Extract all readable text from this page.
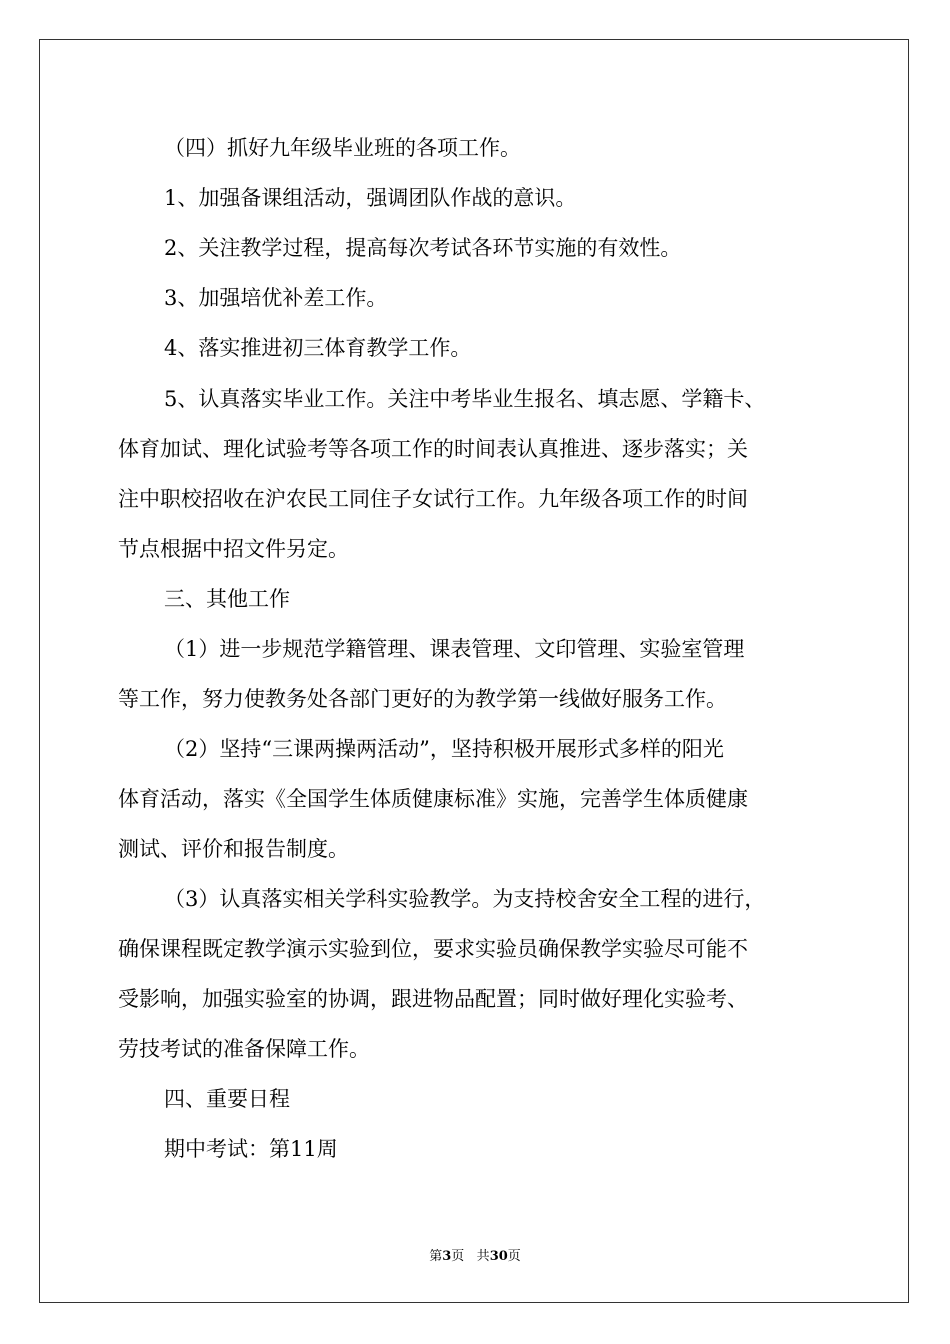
（四）抓好九年级毕业班的各项工作。

1、加强备课组活动，强调团队作战的意识。

2、关注教学过程，提高每次考试各环节实施的有效性。

3、加强培优补差工作。

4、落实推进初三体育教学工作。

5、认真落实毕业工作。关注中考毕业生报名、填志愿、学籍卡、

体育加试、理化试验考等各项工作的时间表认真推进、逐步落实；关

注中职校招收在沪农民工同住子女试行工作。九年级各项工作的时间

节点根据中招文件另定。

三、其他工作

（1）进一步规范学籍管理、课表管理、文印管理、实验室管理

等工作，努力使教务处各部门更好的为教学第一线做好服务工作。

（2）坚持“三课两操两活动”，坚持积极开展形式多样的阳光

体育活动，落实《全国学生体质健康标准》实施，完善学生体质健康

测试、评价和报告制度。

（3）认真落实相关学科实验教学。为支持校舍安全工程的进行，

确保课程既定教学演示实验到位，要求实验员确保教学实验尽可能不

受影响，加强实验室的协调，跟进物品配置；同时做好理化实验考、

劳技考试的准备保障工作。

四、重要日程

期中考试：第11周

第3页 共30页
